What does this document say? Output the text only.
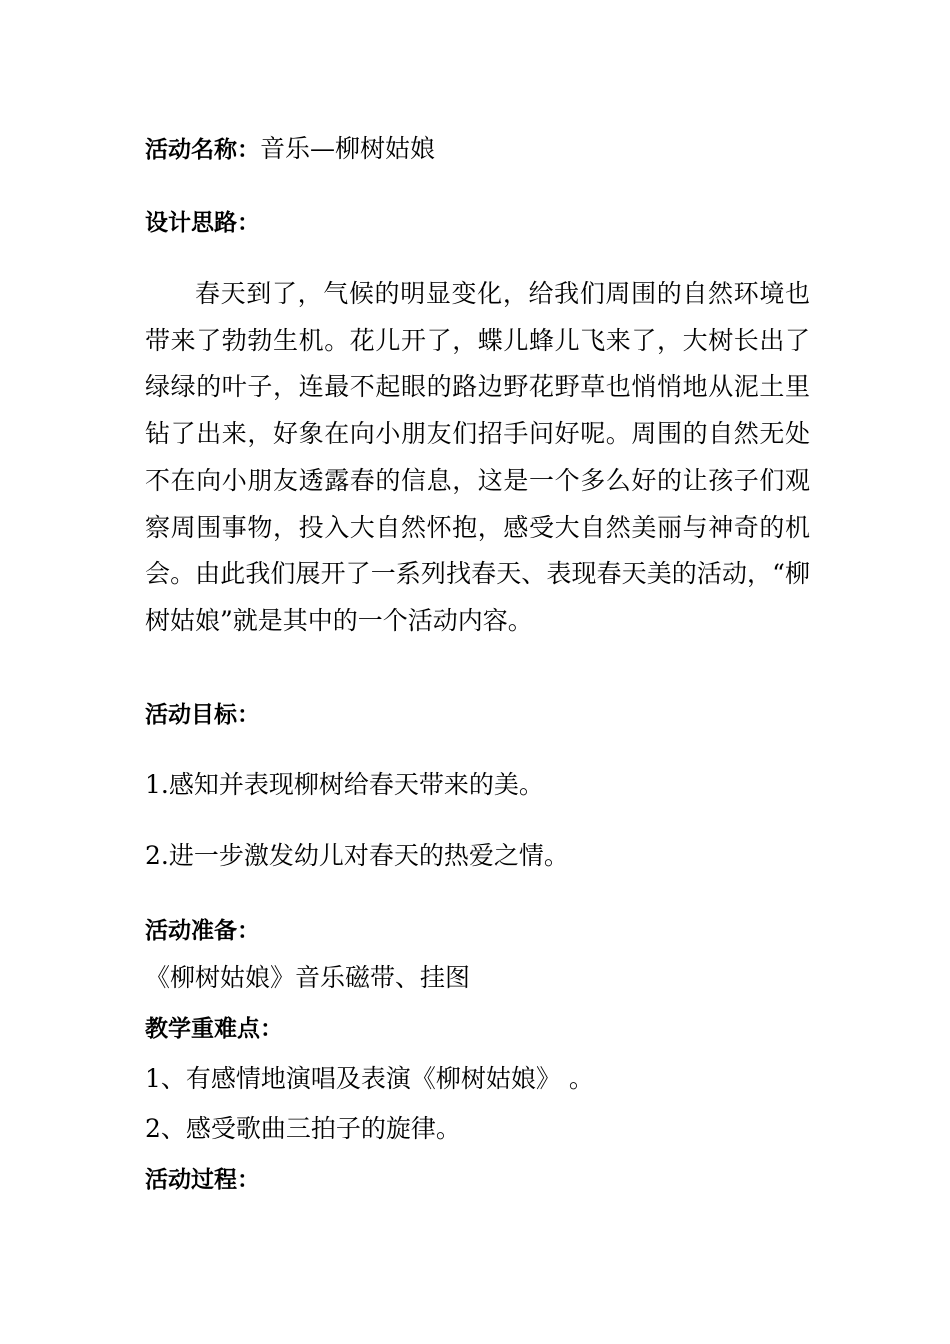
活动名称：音乐—柳树姑娘
设计思路：
春天到了，气候的明显变化，给我们周围的自然环境也带来了勃勃生机。花儿开了，蝶儿蜂儿飞来了，大树长出了绿绿的叶子，连最不起眼的路边野花野草也悄悄地从泥土里钻了出来，好象在向小朋友们招手问好呢。周围的自然无处不在向小朋友透露春的信息，这是一个多么好的让孩子们观察周围事物，投入大自然怀抱，感受大自然美丽与神奇的机会。由此我们展开了一系列找春天、表现春天美的活动，“柳树姑娘”就是其中的一个活动内容。
活动目标：
1.感知并表现柳树给春天带来的美。
2.进一步激发幼儿对春天的热爱之情。
活动准备：
《柳树姑娘》音乐磁带、挂图
教学重难点：
1、有感情地演唱及表演《柳树姑娘》 。
2、感受歌曲三拍子的旋律。
活动过程：
